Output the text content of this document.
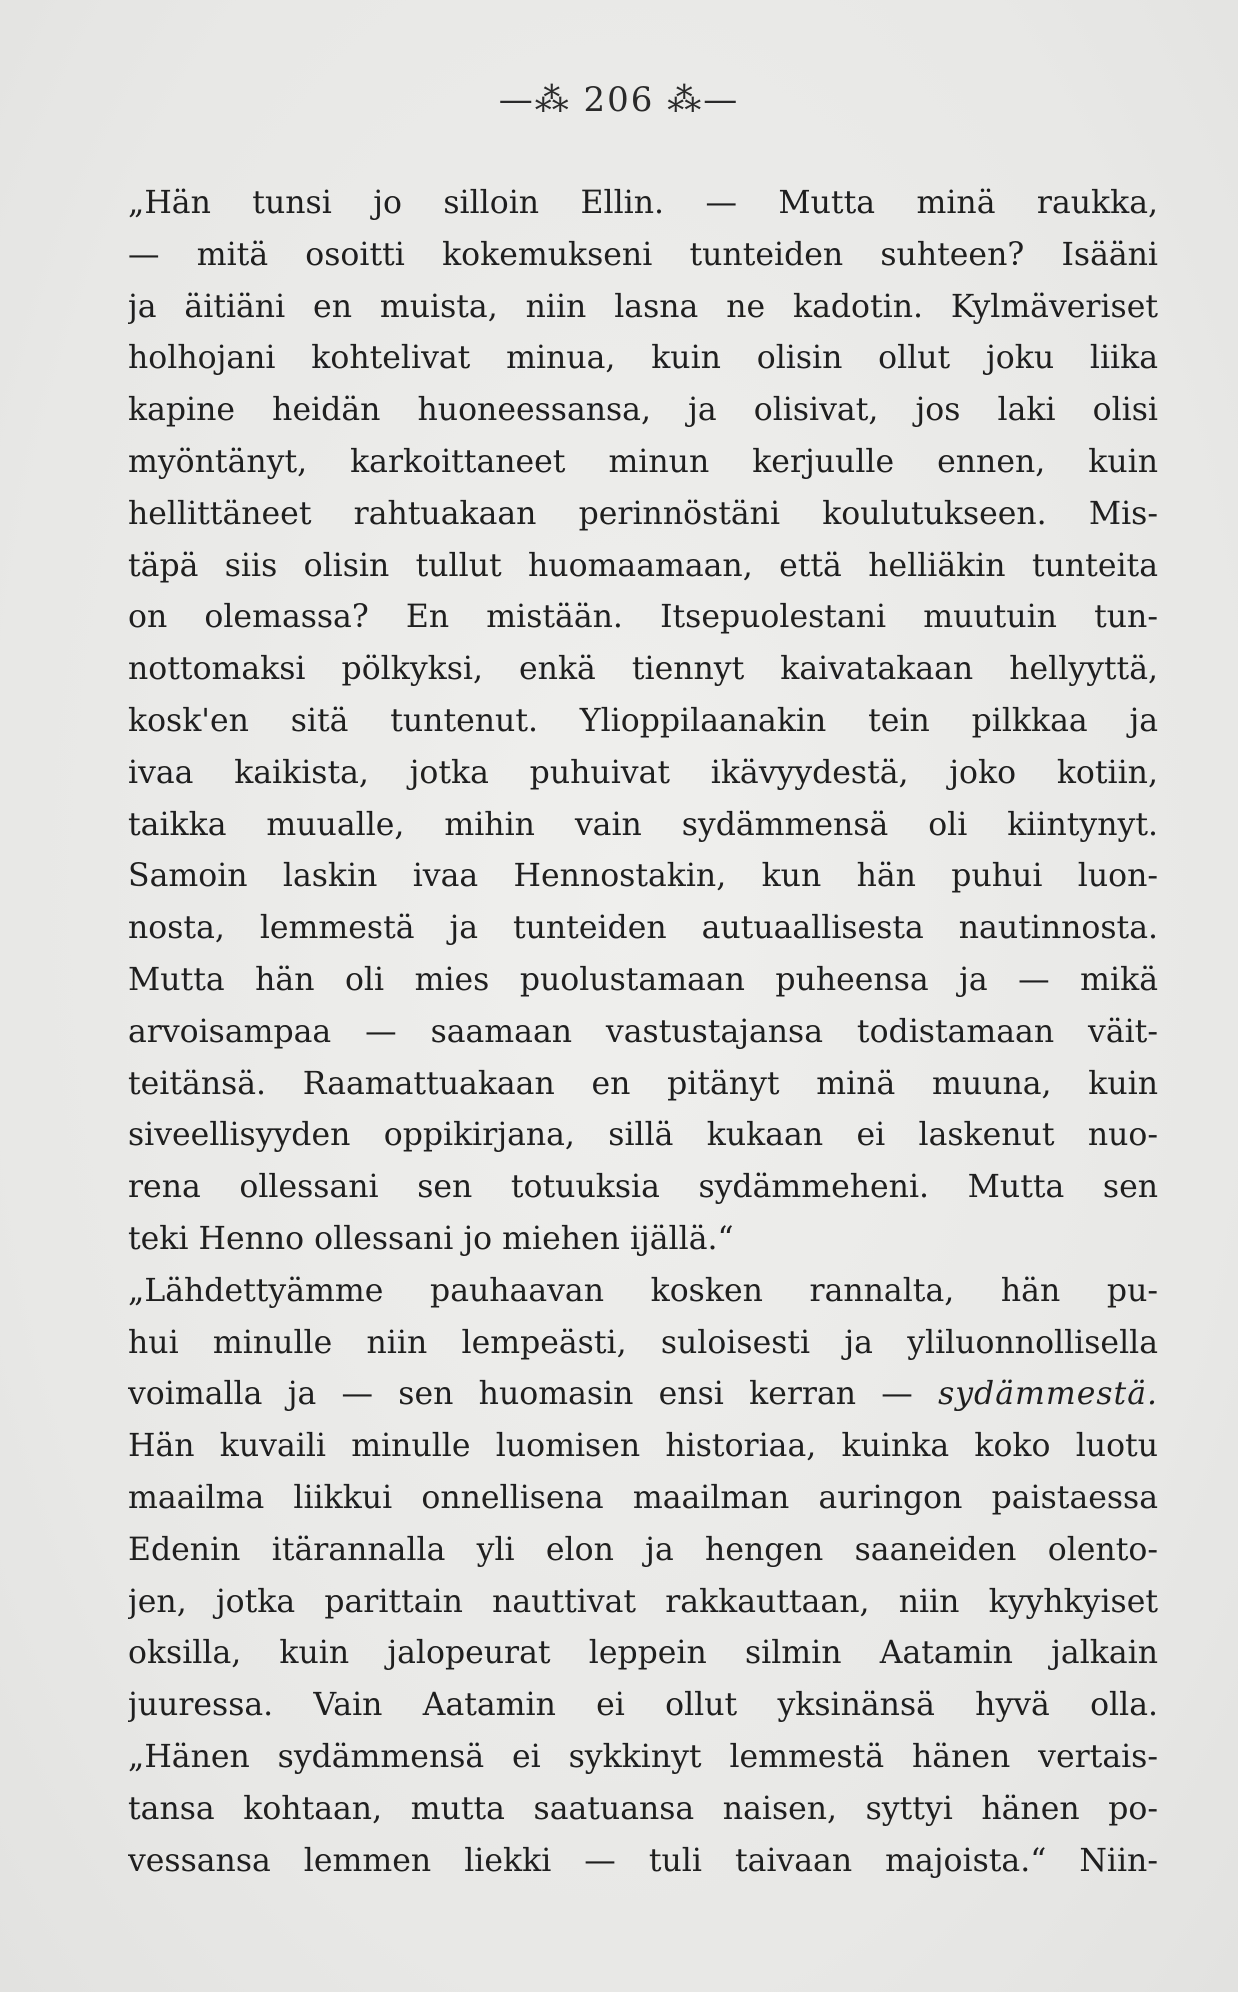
—⁂ 206 ⁂—
„Hän tunsi jo silloin Ellin. — Mutta minä raukka,
— mitä osoitti kokemukseni tunteiden suhteen? Isääni
ja äitiäni en muista, niin lasna ne kadotin. Kylmäveriset
holhojani kohtelivat minua, kuin olisin ollut joku liika
kapine heidän huoneessansa, ja olisivat, jos laki olisi
myöntänyt, karkoittaneet minun kerjuulle ennen, kuin
hellittäneet rahtuakaan perinnöstäni koulutukseen. Mis-
täpä siis olisin tullut huomaamaan, että helliäkin tunteita
on olemassa? En mistään. Itsepuolestani muutuin tun-
nottomaksi pölkyksi, enkä tiennyt kaivatakaan hellyyttä,
kosk'en sitä tuntenut. Ylioppilaanakin tein pilkkaa ja
ivaa kaikista, jotka puhuivat ikävyydestä, joko kotiin,
taikka muualle, mihin vain sydämmensä oli kiintynyt.
Samoin laskin ivaa Hennostakin, kun hän puhui luon-
nosta, lemmestä ja tunteiden autuaallisesta nautinnosta.
Mutta hän oli mies puolustamaan puheensa ja — mikä
arvoisampaa — saamaan vastustajansa todistamaan väit-
teitänsä. Raamattuakaan en pitänyt minä muuna, kuin
siveellisyyden oppikirjana, sillä kukaan ei laskenut nuo-
rena ollessani sen totuuksia sydämmeheni. Mutta sen
teki Henno ollessani jo miehen ijällä.“
„Lähdettyämme pauhaavan kosken rannalta, hän pu-
hui minulle niin lempeästi, suloisesti ja yliluonnollisella
voimalla ja — sen huomasin ensi kerran — sydämmestä.
Hän kuvaili minulle luomisen historiaa, kuinka koko luotu
maailma liikkui onnellisena maailman auringon paistaessa
Edenin itärannalla yli elon ja hengen saaneiden olento-
jen, jotka parittain nauttivat rakkauttaan, niin kyyhkyiset
oksilla, kuin jalopeurat leppein silmin Aatamin jalkain
juuressa. Vain Aatamin ei ollut yksinänsä hyvä olla.
„Hänen sydämmensä ei sykkinyt lemmestä hänen vertais-
tansa kohtaan, mutta saatuansa naisen, syttyi hänen po-
vessansa lemmen liekki — tuli taivaan majoista.“ Niin-
